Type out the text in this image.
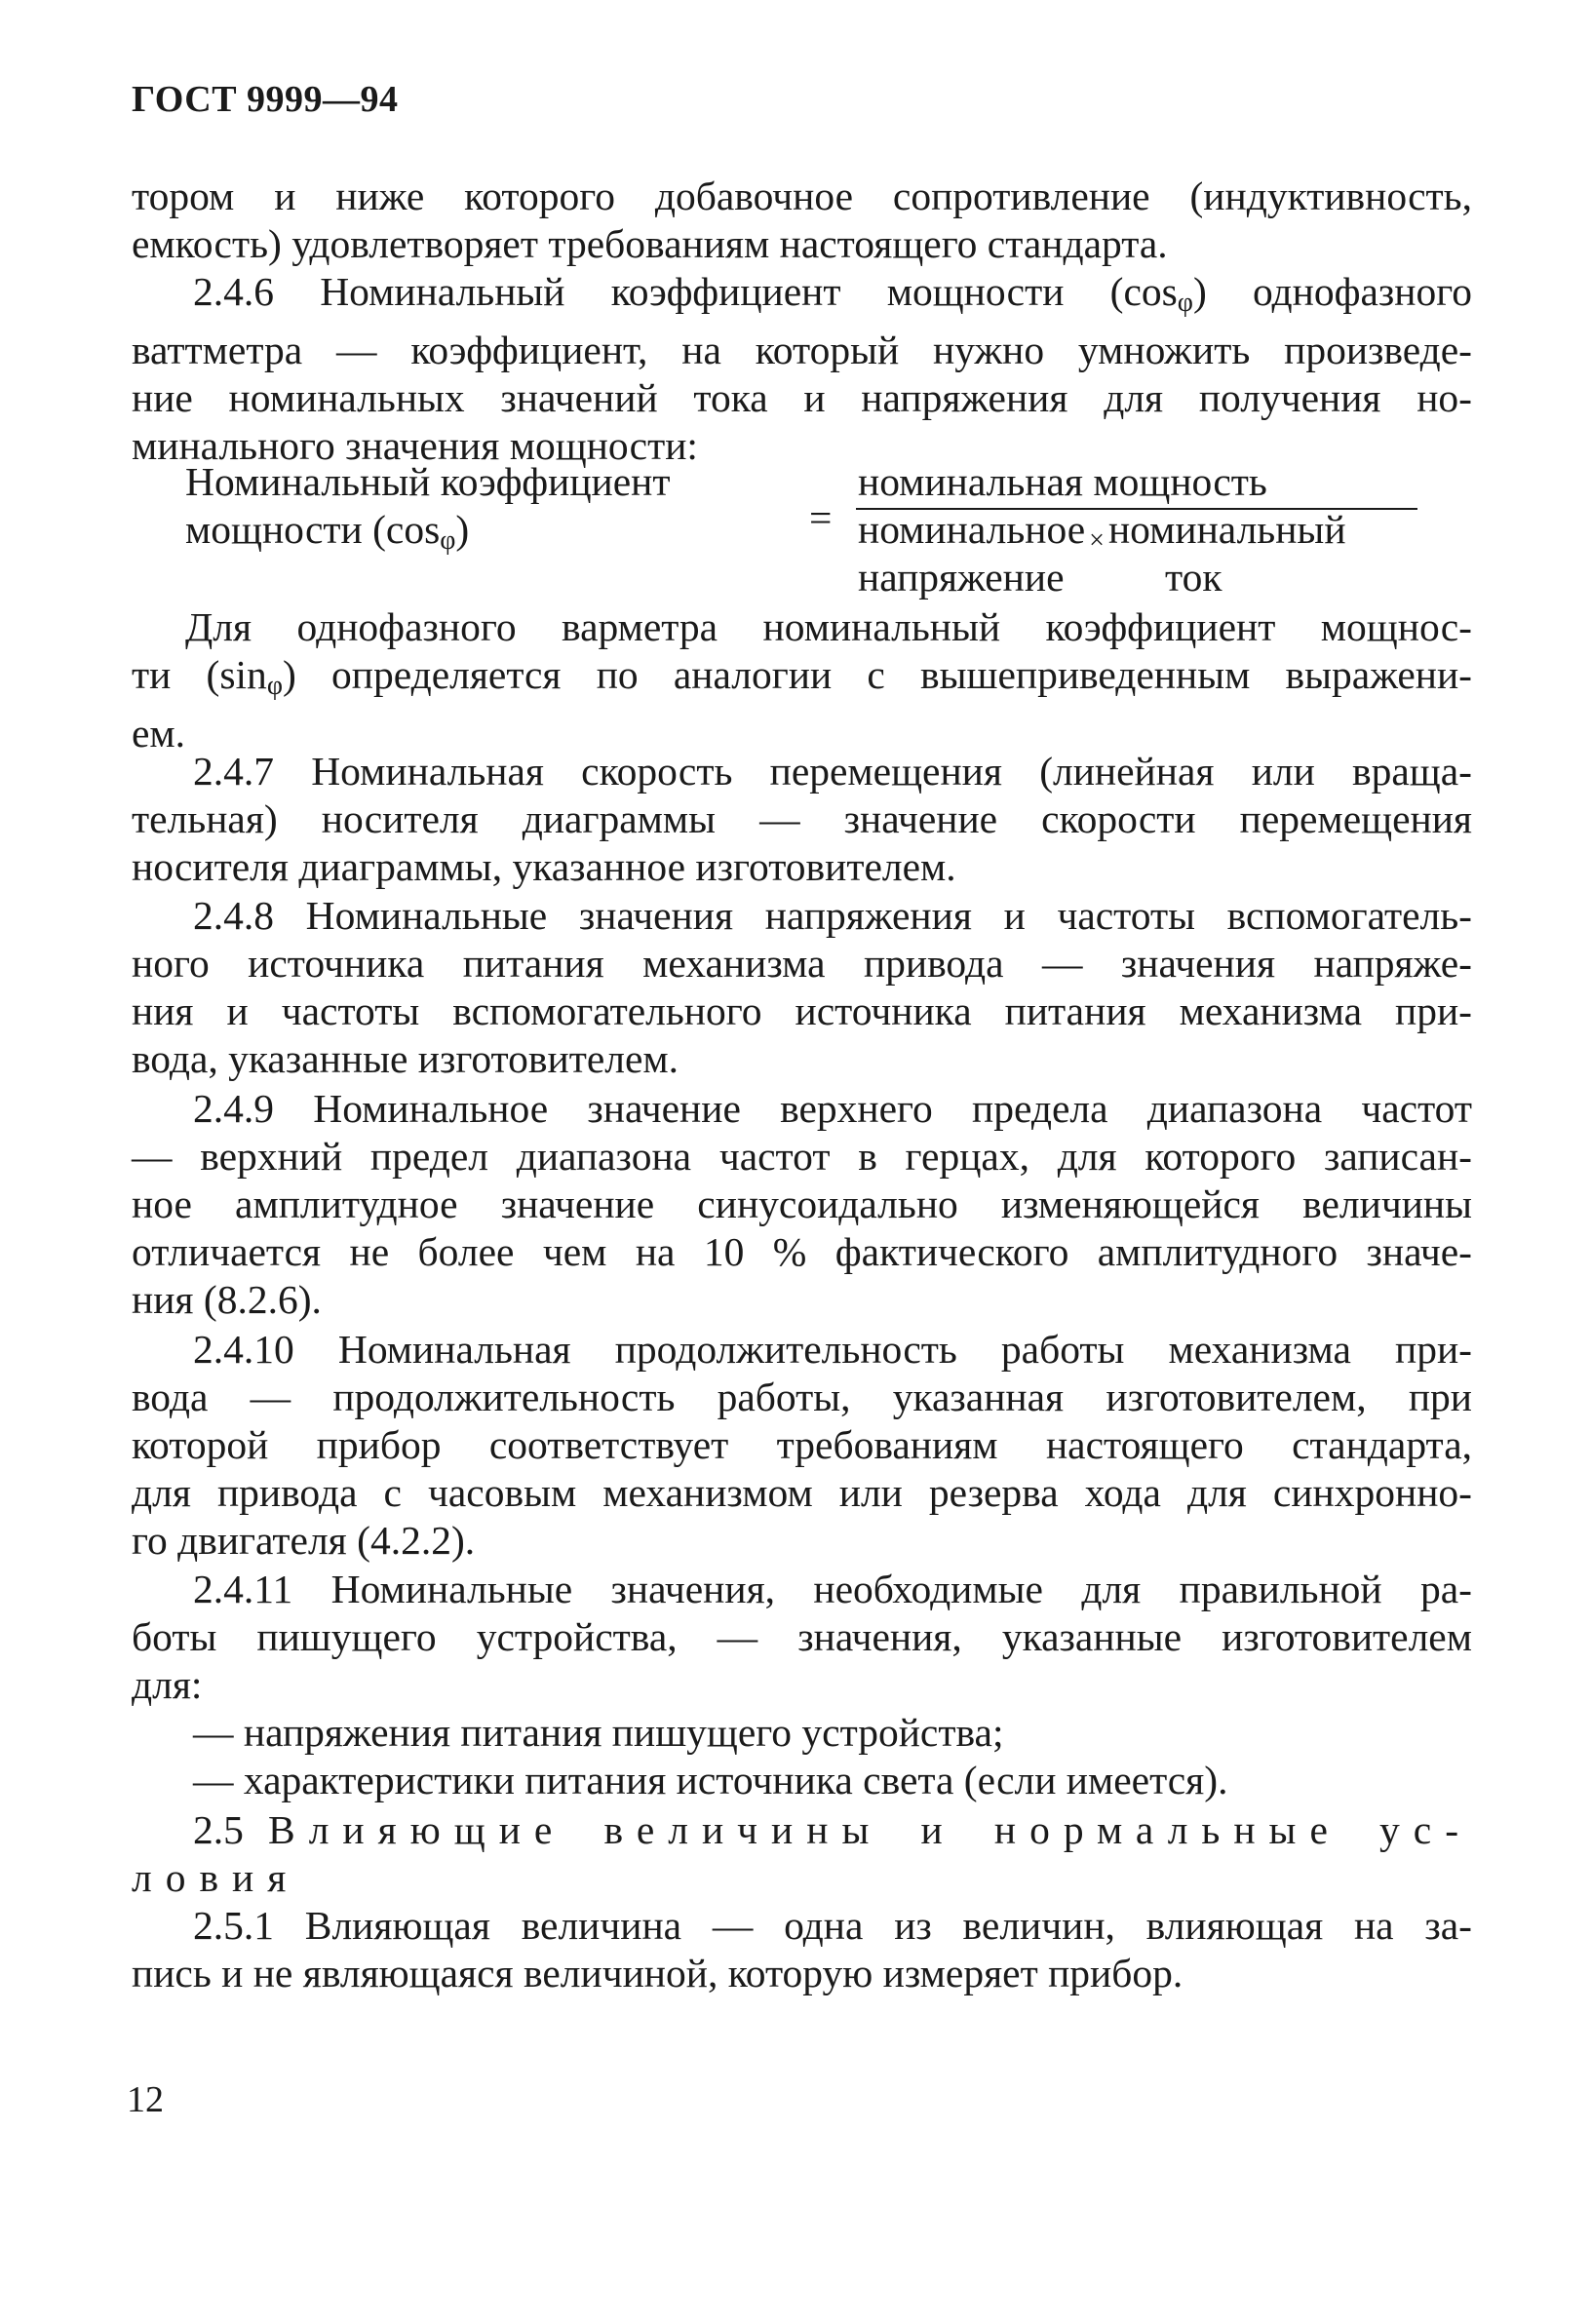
ГОСТ 9999—94
тором и ниже которого добавочное сопротивление (индуктивность,
емкость) удовлетворяет требованиям настоящего стандарта.
2.4.6 Номинальный коэффициент мощности $(\cos_\varphi)$ однофазного
ваттметра — коэффициент, на который нужно умножить произведе-
ние номинальных значений тока и напряжения для получения но-
минального значения мощности:
Номинальный коэффициент
мощности $(\cos_\varphi)$	=
номинальная мощность
номинальное ×номинальный
напряжение ток
Для однофазного варметра номинальный коэффициент мощнос-
ти $(\sin_\varphi)$ определяется по аналогии с вышеприведенным выражени-
ем.
2.4.7 Номинальная скорость перемещения (линейная или враща-
тельная) носителя диаграммы — значение скорости перемещения
носителя диаграммы, указанное изготовителем.
2.4.8 Номинальные значения напряжения и частоты вспомогатель-
ного источника питания механизма привода — значения напряже-
ния и частоты вспомогательного источника питания механизма при-
вода, указанные изготовителем.
2.4.9 Номинальное значение верхнего предела диапазона частот
— верхний предел диапазона частот в герцах, для которого записан-
ное амплитудное значение синусоидально изменяющейся величины
отличается не более чем на 10 % фактического амплитудного значе-
ния (8.2.6).
2.4.10 Номинальная продолжительность работы механизма при-
вода — продолжительность работы, указанная изготовителем, при
которой прибор соответствует требованиям настоящего стандарта,
для привода с часовым механизмом или резерва хода для синхронно-
го двигателя (4.2.2).
2.4.11 Номинальные значения, необходимые для правильной ра-
боты пишущего устройства, — значения, указанные изготовителем
для:
— напряжения питания пишущего устройства;
— характеристики питания источника света (если имеется).
2.5 Влияющие величины и нормальные ус-
ловия
2.5.1 Влияющая величина — одна из величин, влияющая на за-
пись и не являющаяся величиной, которую измеряет прибор.
12
